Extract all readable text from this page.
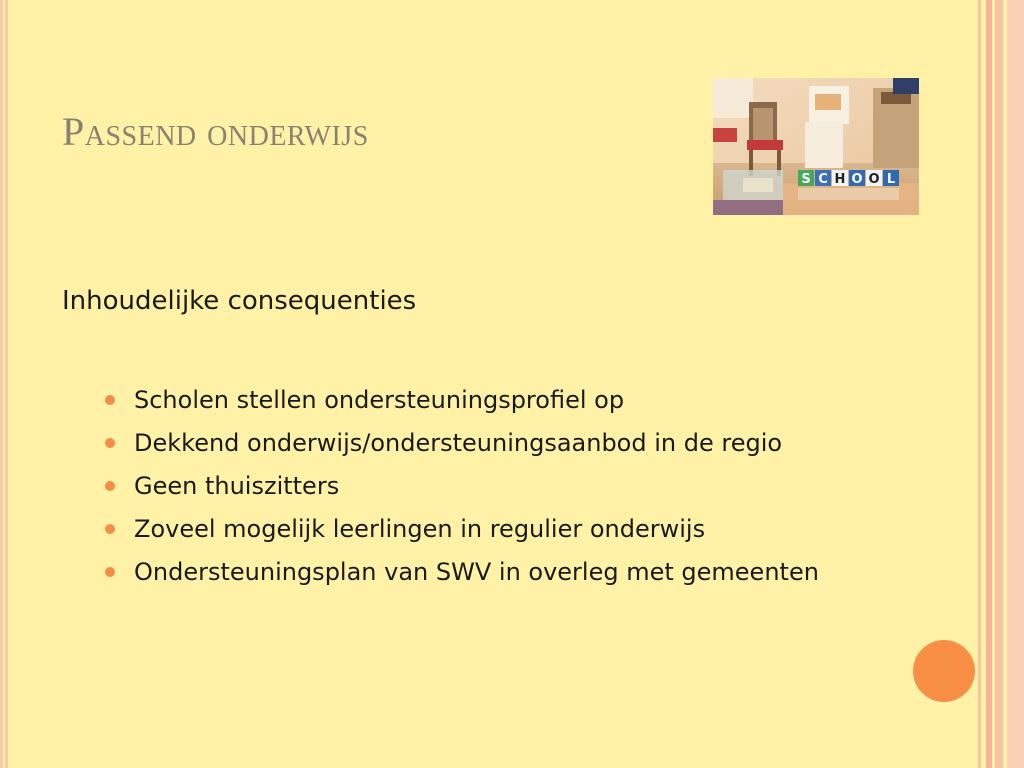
Passend onderwijs
S C H O O L
Inhoudelijke consequenties
Scholen stellen ondersteuningsprofiel op
Dekkend onderwijs/ondersteuningsaanbod in de regio
Geen thuiszitters
Zoveel mogelijk leerlingen in regulier onderwijs
Ondersteuningsplan van SWV in overleg met gemeenten
